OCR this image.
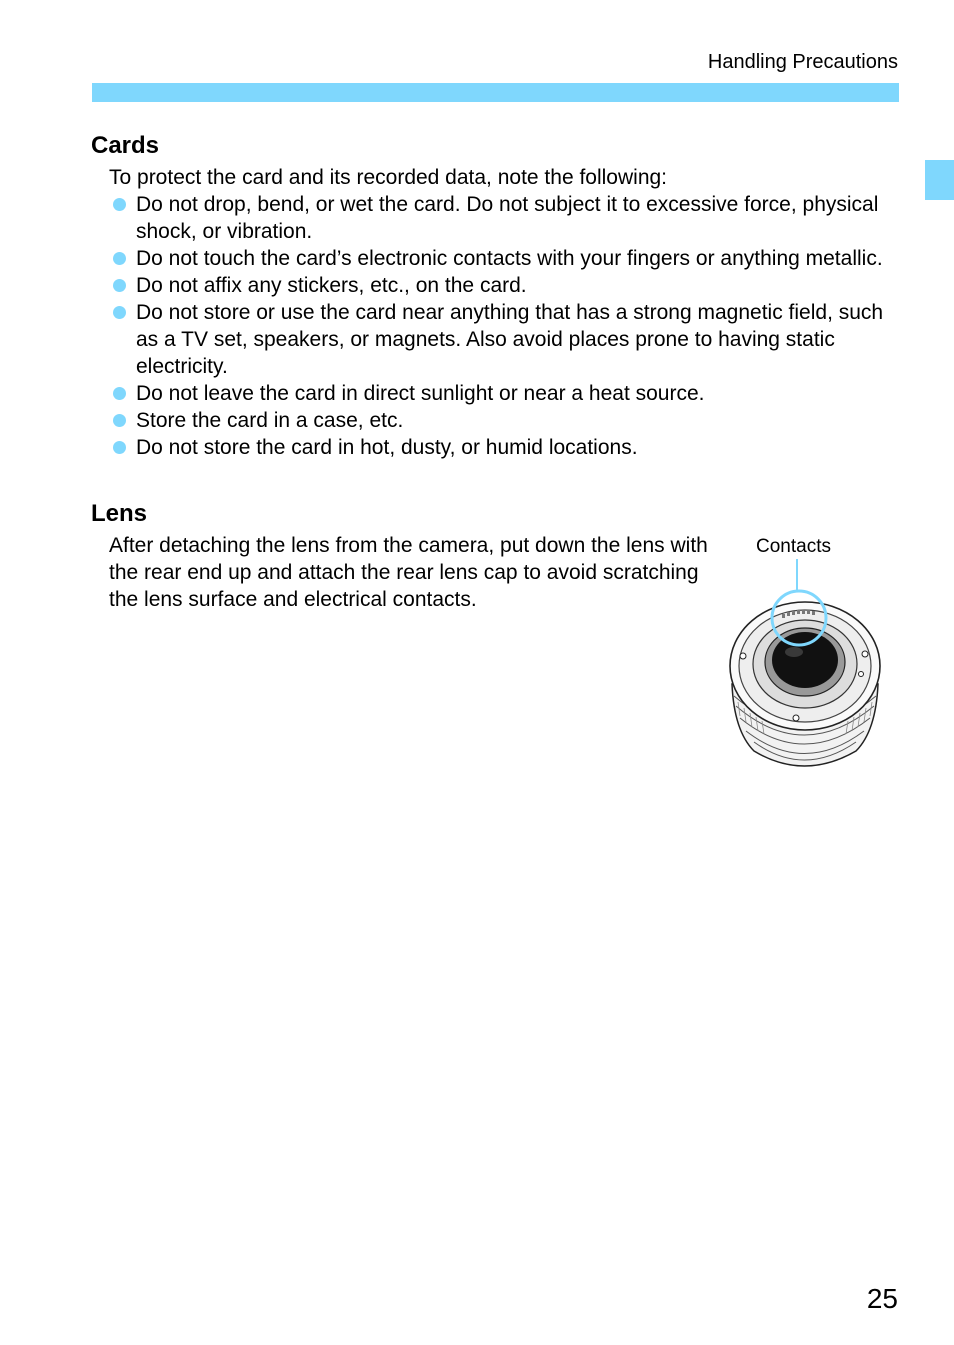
Handling Precautions
Cards

To protect the card and its recorded data, note the following:

Do not drop, bend, or wet the card. Do not subject it to excessive force, physical shock, or vibration.
Do not touch the card’s electronic contacts with your fingers or anything metallic.
Do not affix any stickers, etc., on the card.
Do not store or use the card near anything that has a strong magnetic field, such as a TV set, speakers, or magnets. Also avoid places prone to having static electricity.
Do not leave the card in direct sunlight or near a heat source.
Store the card in a case, etc.
Do not store the card in hot, dusty, or humid locations.
Lens

After detaching the lens from the camera, put down the lens with the rear end up and attach the rear lens cap to avoid scratching the lens surface and electrical contacts.

Contacts
25
